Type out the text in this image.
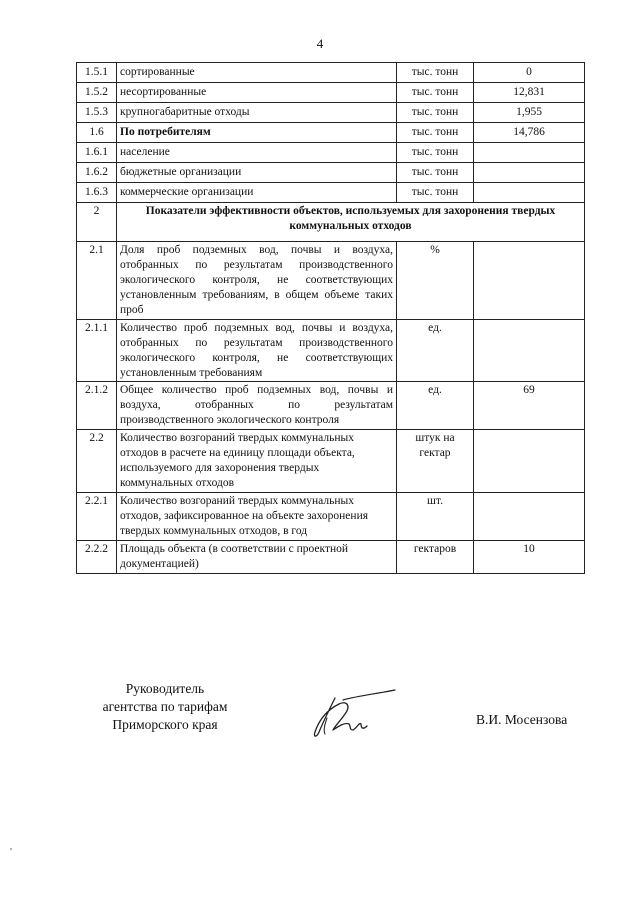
4
1.5.1	сортированные	тыс. тонн	0
1.5.2	несортированные	тыс. тонн	12,831
1.5.3	крупногабаритные отходы	тыс. тонн	1,955
1.6	По потребителям	тыс. тонн	14,786
1.6.1	население	тыс. тонн	
1.6.2	бюджетные организации	тыс. тонн	
1.6.3	коммерческие организации	тыс. тонн	
2	Показатели эффективности объектов, используемых для захоронения твердых коммунальных отходов		
2.1	Доля проб подземных вод, почвы и воздуха, отобранных по результатам производственного экологического контроля, не соответствующих установленным требованиям, в общем объеме таких проб	%	
2.1.1	Количество проб подземных вод, почвы и воздуха, отобранных по результатам производственного экологического контроля, не соответствующих установленным требованиям	ед.	
2.1.2	Общее количество проб подземных вод, почвы и воздуха, отобранных по результатам производственного экологического контроля	ед.	69
2.2	Количество возгораний твердых коммунальных отходов в расчете на единицу площади объекта, используемого для захоронения твердых коммунальных отходов	штук на гектар	
2.2.1	Количество возгораний твердых коммунальных отходов, зафиксированное на объекте захоронения твердых коммунальных отходов, в год	шт.	
2.2.2	Площадь объекта (в соответствии с проектной документацией)	гектаров	10
Руководитель
агентства по тарифам
Приморского края	В.И. Мосензова
